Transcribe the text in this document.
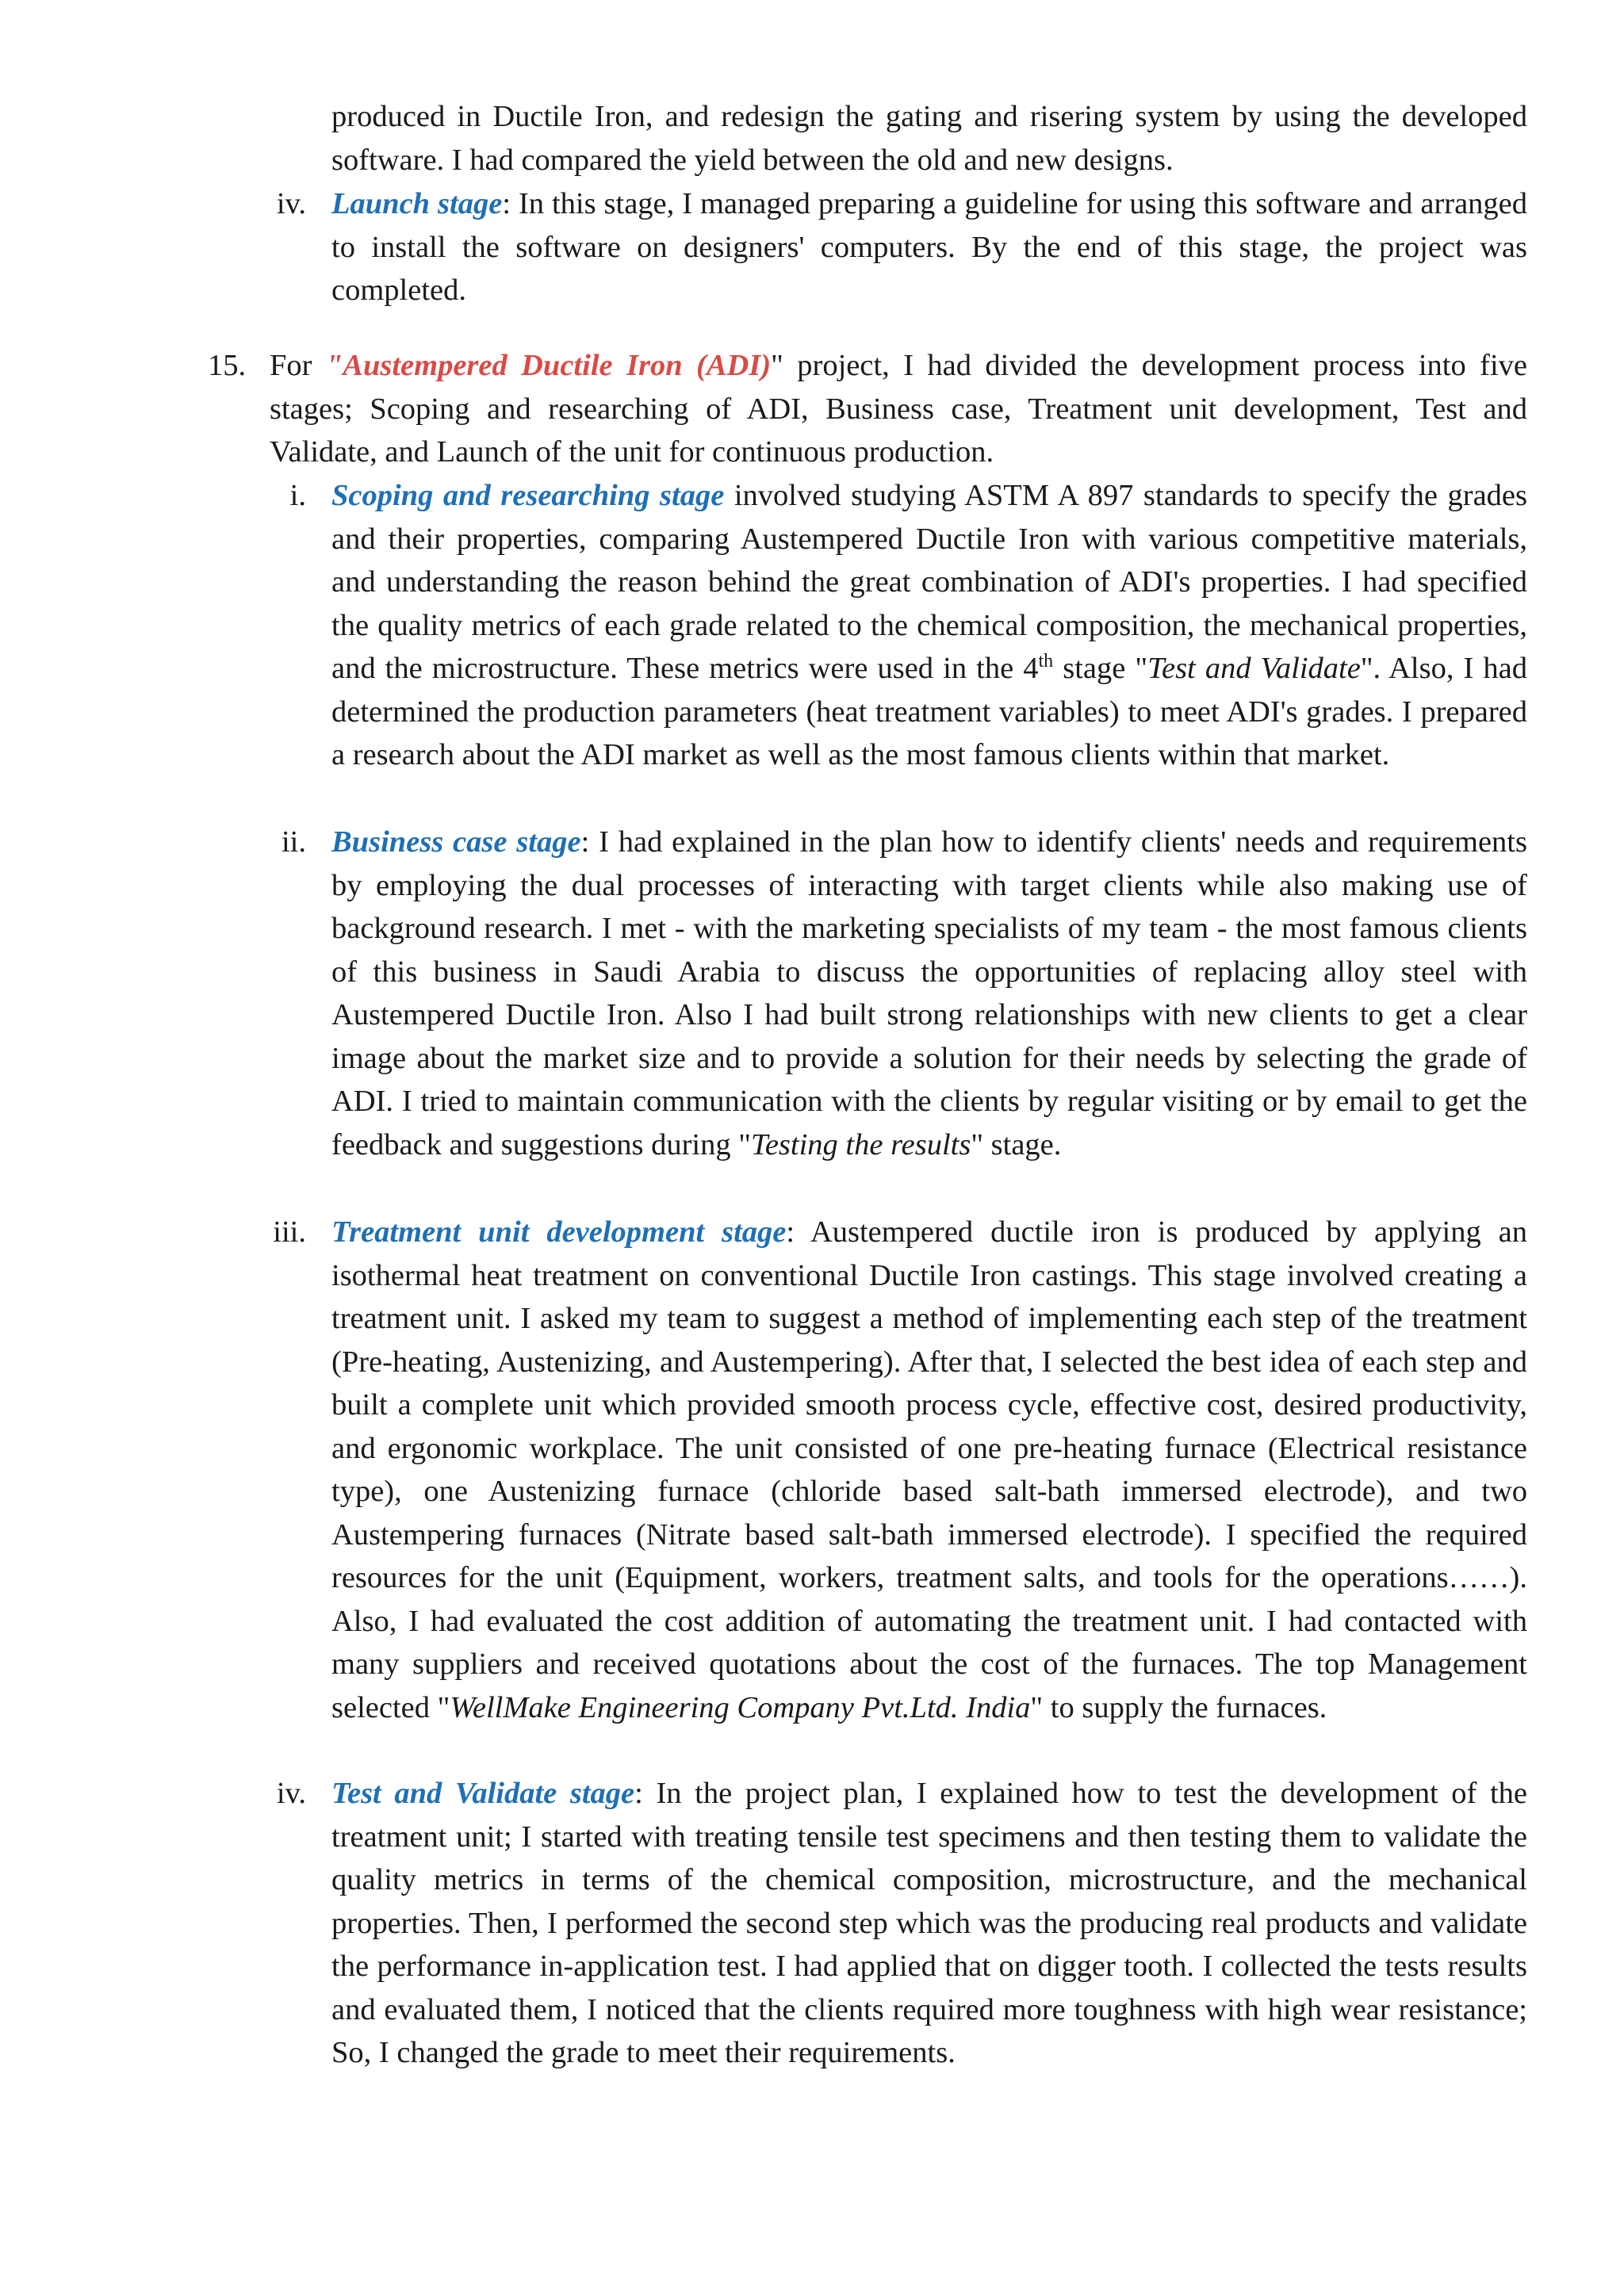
produced in Ductile Iron, and redesign the gating and risering system by using the developed software. I had compared the yield between the old and new designs.
iv. Launch stage: In this stage, I managed preparing a guideline for using this software and arranged to install the software on designers' computers. By the end of this stage, the project was completed.
15. For "Austempered Ductile Iron (ADI)" project, I had divided the development process into five stages; Scoping and researching of ADI, Business case, Treatment unit development, Test and Validate, and Launch of the unit for continuous production.
i. Scoping and researching stage involved studying ASTM A 897 standards to specify the grades and their properties, comparing Austempered Ductile Iron with various competitive materials, and understanding the reason behind the great combination of ADI's properties. I had specified the quality metrics of each grade related to the chemical composition, the mechanical properties, and the microstructure. These metrics were used in the 4th stage "Test and Validate". Also, I had determined the production parameters (heat treatment variables) to meet ADI's grades. I prepared a research about the ADI market as well as the most famous clients within that market.
ii. Business case stage: I had explained in the plan how to identify clients' needs and requirements by employing the dual processes of interacting with target clients while also making use of background research. I met - with the marketing specialists of my team - the most famous clients of this business in Saudi Arabia to discuss the opportunities of replacing alloy steel with Austempered Ductile Iron. Also I had built strong relationships with new clients to get a clear image about the market size and to provide a solution for their needs by selecting the grade of ADI. I tried to maintain communication with the clients by regular visiting or by email to get the feedback and suggestions during "Testing the results" stage.
iii. Treatment unit development stage: Austempered ductile iron is produced by applying an isothermal heat treatment on conventional Ductile Iron castings. This stage involved creating a treatment unit. I asked my team to suggest a method of implementing each step of the treatment (Pre-heating, Austenizing, and Austempering). After that, I selected the best idea of each step and built a complete unit which provided smooth process cycle, effective cost, desired productivity, and ergonomic workplace. The unit consisted of one pre-heating furnace (Electrical resistance type), one Austenizing furnace (chloride based salt-bath immersed electrode), and two Austempering furnaces (Nitrate based salt-bath immersed electrode). I specified the required resources for the unit (Equipment, workers, treatment salts, and tools for the operations……). Also, I had evaluated the cost addition of automating the treatment unit. I had contacted with many suppliers and received quotations about the cost of the furnaces. The top Management selected "WellMake Engineering Company Pvt.Ltd. India" to supply the furnaces.
iv. Test and Validate stage: In the project plan, I explained how to test the development of the treatment unit; I started with treating tensile test specimens and then testing them to validate the quality metrics in terms of the chemical composition, microstructure, and the mechanical properties. Then, I performed the second step which was the producing real products and validate the performance in-application test. I had applied that on digger tooth. I collected the tests results and evaluated them, I noticed that the clients required more toughness with high wear resistance; So, I changed the grade to meet their requirements.
